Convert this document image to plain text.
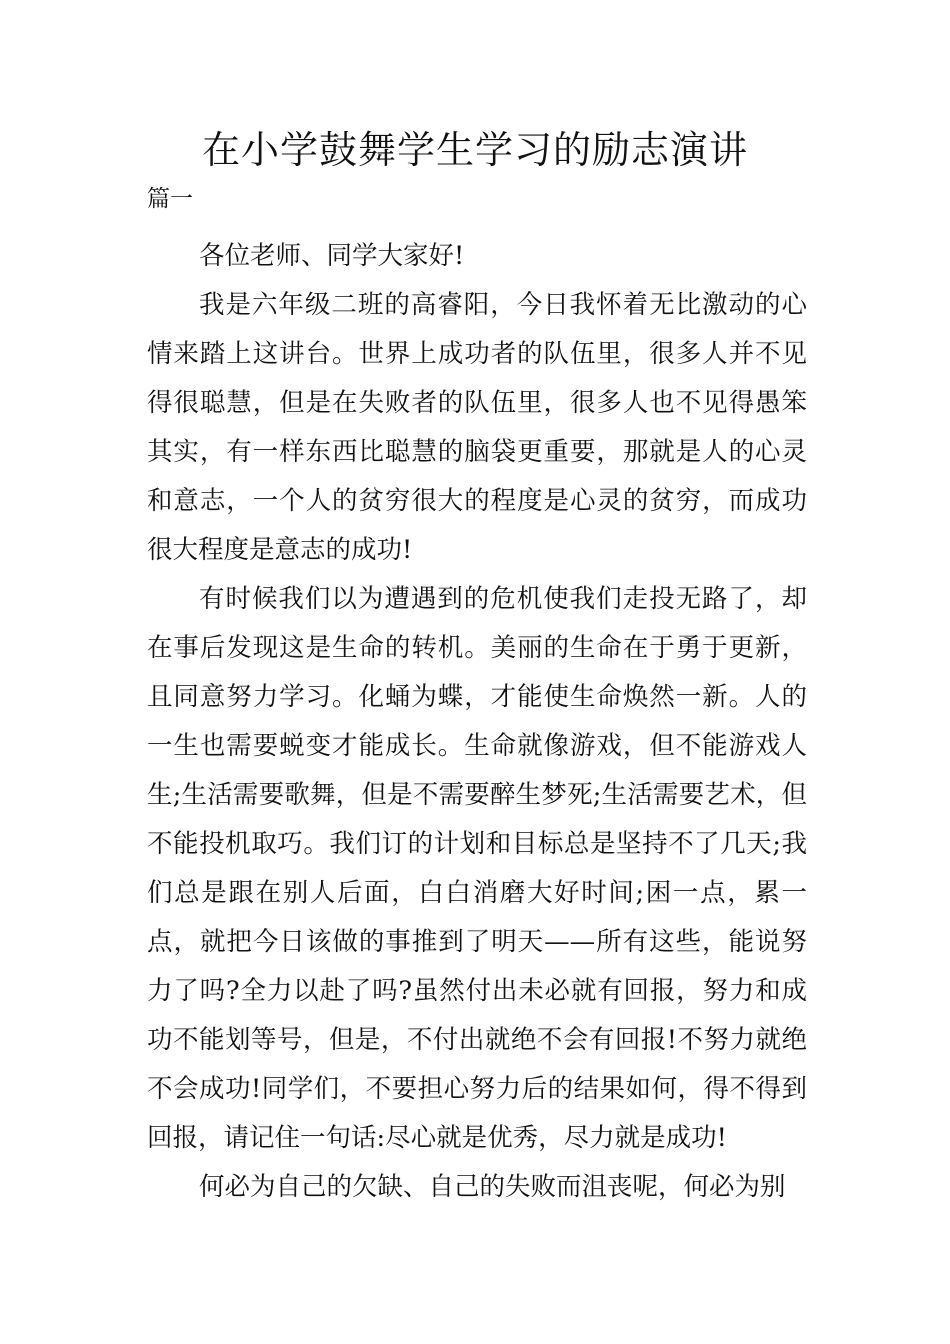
在小学鼓舞学生学习的励志演讲
篇一

各位老师、同学大家好!

我是六年级二班的高睿阳，今日我怀着无比激动的心情来踏上这讲台。世界上成功者的队伍里，很多人并不见得很聪慧，但是在失败者的队伍里，很多人也不见得愚笨其实，有一样东西比聪慧的脑袋更重要，那就是人的心灵和意志，一个人的贫穷很大的程度是心灵的贫穷，而成功很大程度是意志的成功!

有时候我们以为遭遇到的危机使我们走投无路了，却在事后发现这是生命的转机。美丽的生命在于勇于更新，且同意努力学习。化蛹为蝶，才能使生命焕然一新。人的一生也需要蜕变才能成长。生命就像游戏，但不能游戏人生;生活需要歌舞，但是不需要醉生梦死;生活需要艺术，但不能投机取巧。我们订的计划和目标总是坚持不了几天;我们总是跟在别人后面，白白消磨大好时间;困一点，累一点，就把今日该做的事推到了明天——所有这些，能说努力了吗?全力以赴了吗?虽然付出未必就有回报，努力和成功不能划等号，但是，不付出就绝不会有回报!不努力就绝不会成功!同学们，不要担心努力后的结果如何，得不得到回报，请记住一句话:尽心就是优秀，尽力就是成功!

何必为自己的欠缺、自己的失败而沮丧呢，何必为别
